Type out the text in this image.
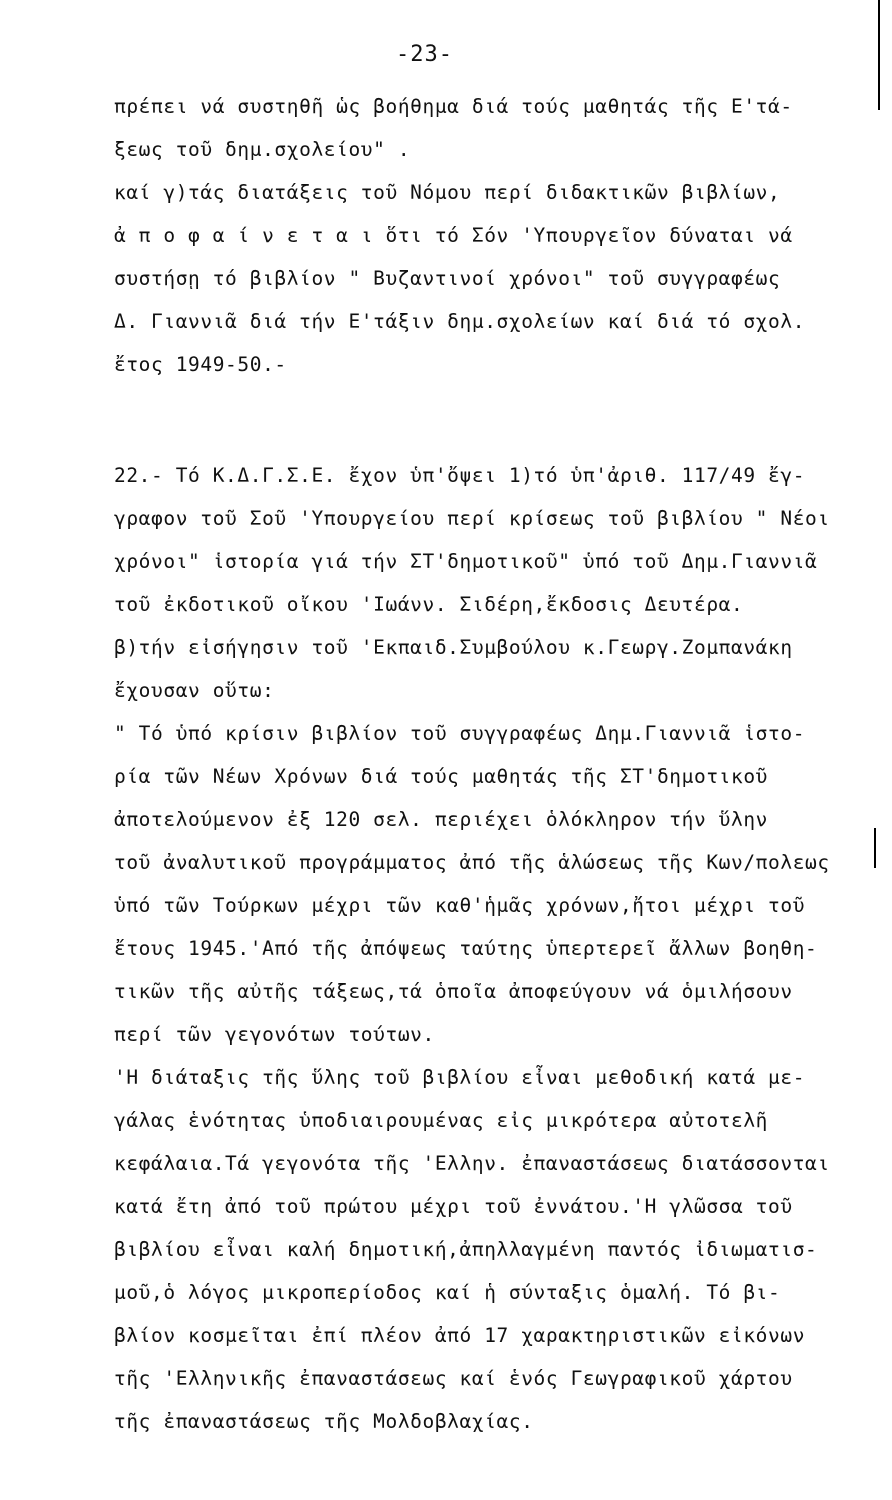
-23-
πρέπει νά συστηθῆ ὡς βοήθημα διά τούς μαθητάς τῆς Ε'τά-
ξεως τοῦ δημ.σχολείου" .
καί γ)τάς διατάξεις τοῦ Νόμου περί διδακτικῶν βιβλίων,
ἀ π ο φ α ί ν ε τ α ι ὅτι τό Σόν 'Υπουργεῖον δύναται νά
συστήσῃ τό βιβλίον " Βυζαντινοί χρόνοι" τοῦ συγγραφέως
Δ. Γιαννιᾶ διά τήν Ε'τάξιν δημ.σχολείων καί διά τό σχολ.
ἔτος 1949-50.-
22.- Τό Κ.Δ.Γ.Σ.Ε. ἔχον ὑπ'ὄψει 1)τό ὑπ'ἀριθ. 117/49 ἔγ-
γραφον τοῦ Σοῦ 'Υπουργείου περί κρίσεως τοῦ βιβλίου " Νέοι
χρόνοι" ἱστορία γιά τήν ΣΤ'δημοτικοῦ" ὑπό τοῦ Δημ.Γιαννιᾶ
τοῦ ἐκδοτικοῦ οἴκου 'Ιωάνν. Σιδέρη,ἔκδοσις Δευτέρα.
β)τήν εἰσήγησιν τοῦ 'Εκπαιδ.Συμβούλου κ.Γεωργ.Ζομπανάκη
ἔχουσαν οὕτω:
" Τό ὑπό κρίσιν βιβλίον τοῦ συγγραφέως Δημ.Γιαννιᾶ ἱστο-
ρία τῶν Νέων Χρόνων διά τούς μαθητάς τῆς ΣΤ'δημοτικοῦ
ἀποτελούμενον ἐξ 120 σελ. περιέχει ὁλόκληρον τήν ὕλην
τοῦ ἀναλυτικοῦ προγράμματος ἀπό τῆς ἁλώσεως τῆς Κων/πολεως
ὑπό τῶν Τούρκων μέχρι τῶν καθ'ἡμᾶς χρόνων,ἤτοι μέχρι τοῦ
ἔτους 1945.'Από τῆς ἀπόψεως ταύτης ὑπερτερεῖ ἄλλων βοηθη-
τικῶν τῆς αὐτῆς τάξεως,τά ὁποῖα ἀποφεύγουν νά ὁμιλήσουν
περί τῶν γεγονότων τούτων.
'Η διάταξις τῆς ὕλης τοῦ βιβλίου εἶναι μεθοδική κατά με-
γάλας ἑνότητας ὑποδιαιρουμένας εἰς μικρότερα αὐτοτελῆ
κεφάλαια.Τά γεγονότα τῆς 'Ελλην. ἐπαναστάσεως διατάσσονται
κατά ἔτη ἀπό τοῦ πρώτου μέχρι τοῦ ἐννάτου.'Η γλῶσσα τοῦ
βιβλίου εἶναι καλή δημοτική,ἀπηλλαγμένη παντός ἰδιωματισ-
μοῦ,ὁ λόγος μικροπερίοδος καί ἡ σύνταξις ὁμαλή. Τό βι-
βλίον κοσμεῖται ἐπί πλέον ἀπό 17 χαρακτηριστικῶν εἰκόνων
τῆς 'Ελληνικῆς ἐπαναστάσεως καί ἑνός Γεωγραφικοῦ χάρτου
τῆς ἐπαναστάσεως τῆς Μολδοβλαχίας.
